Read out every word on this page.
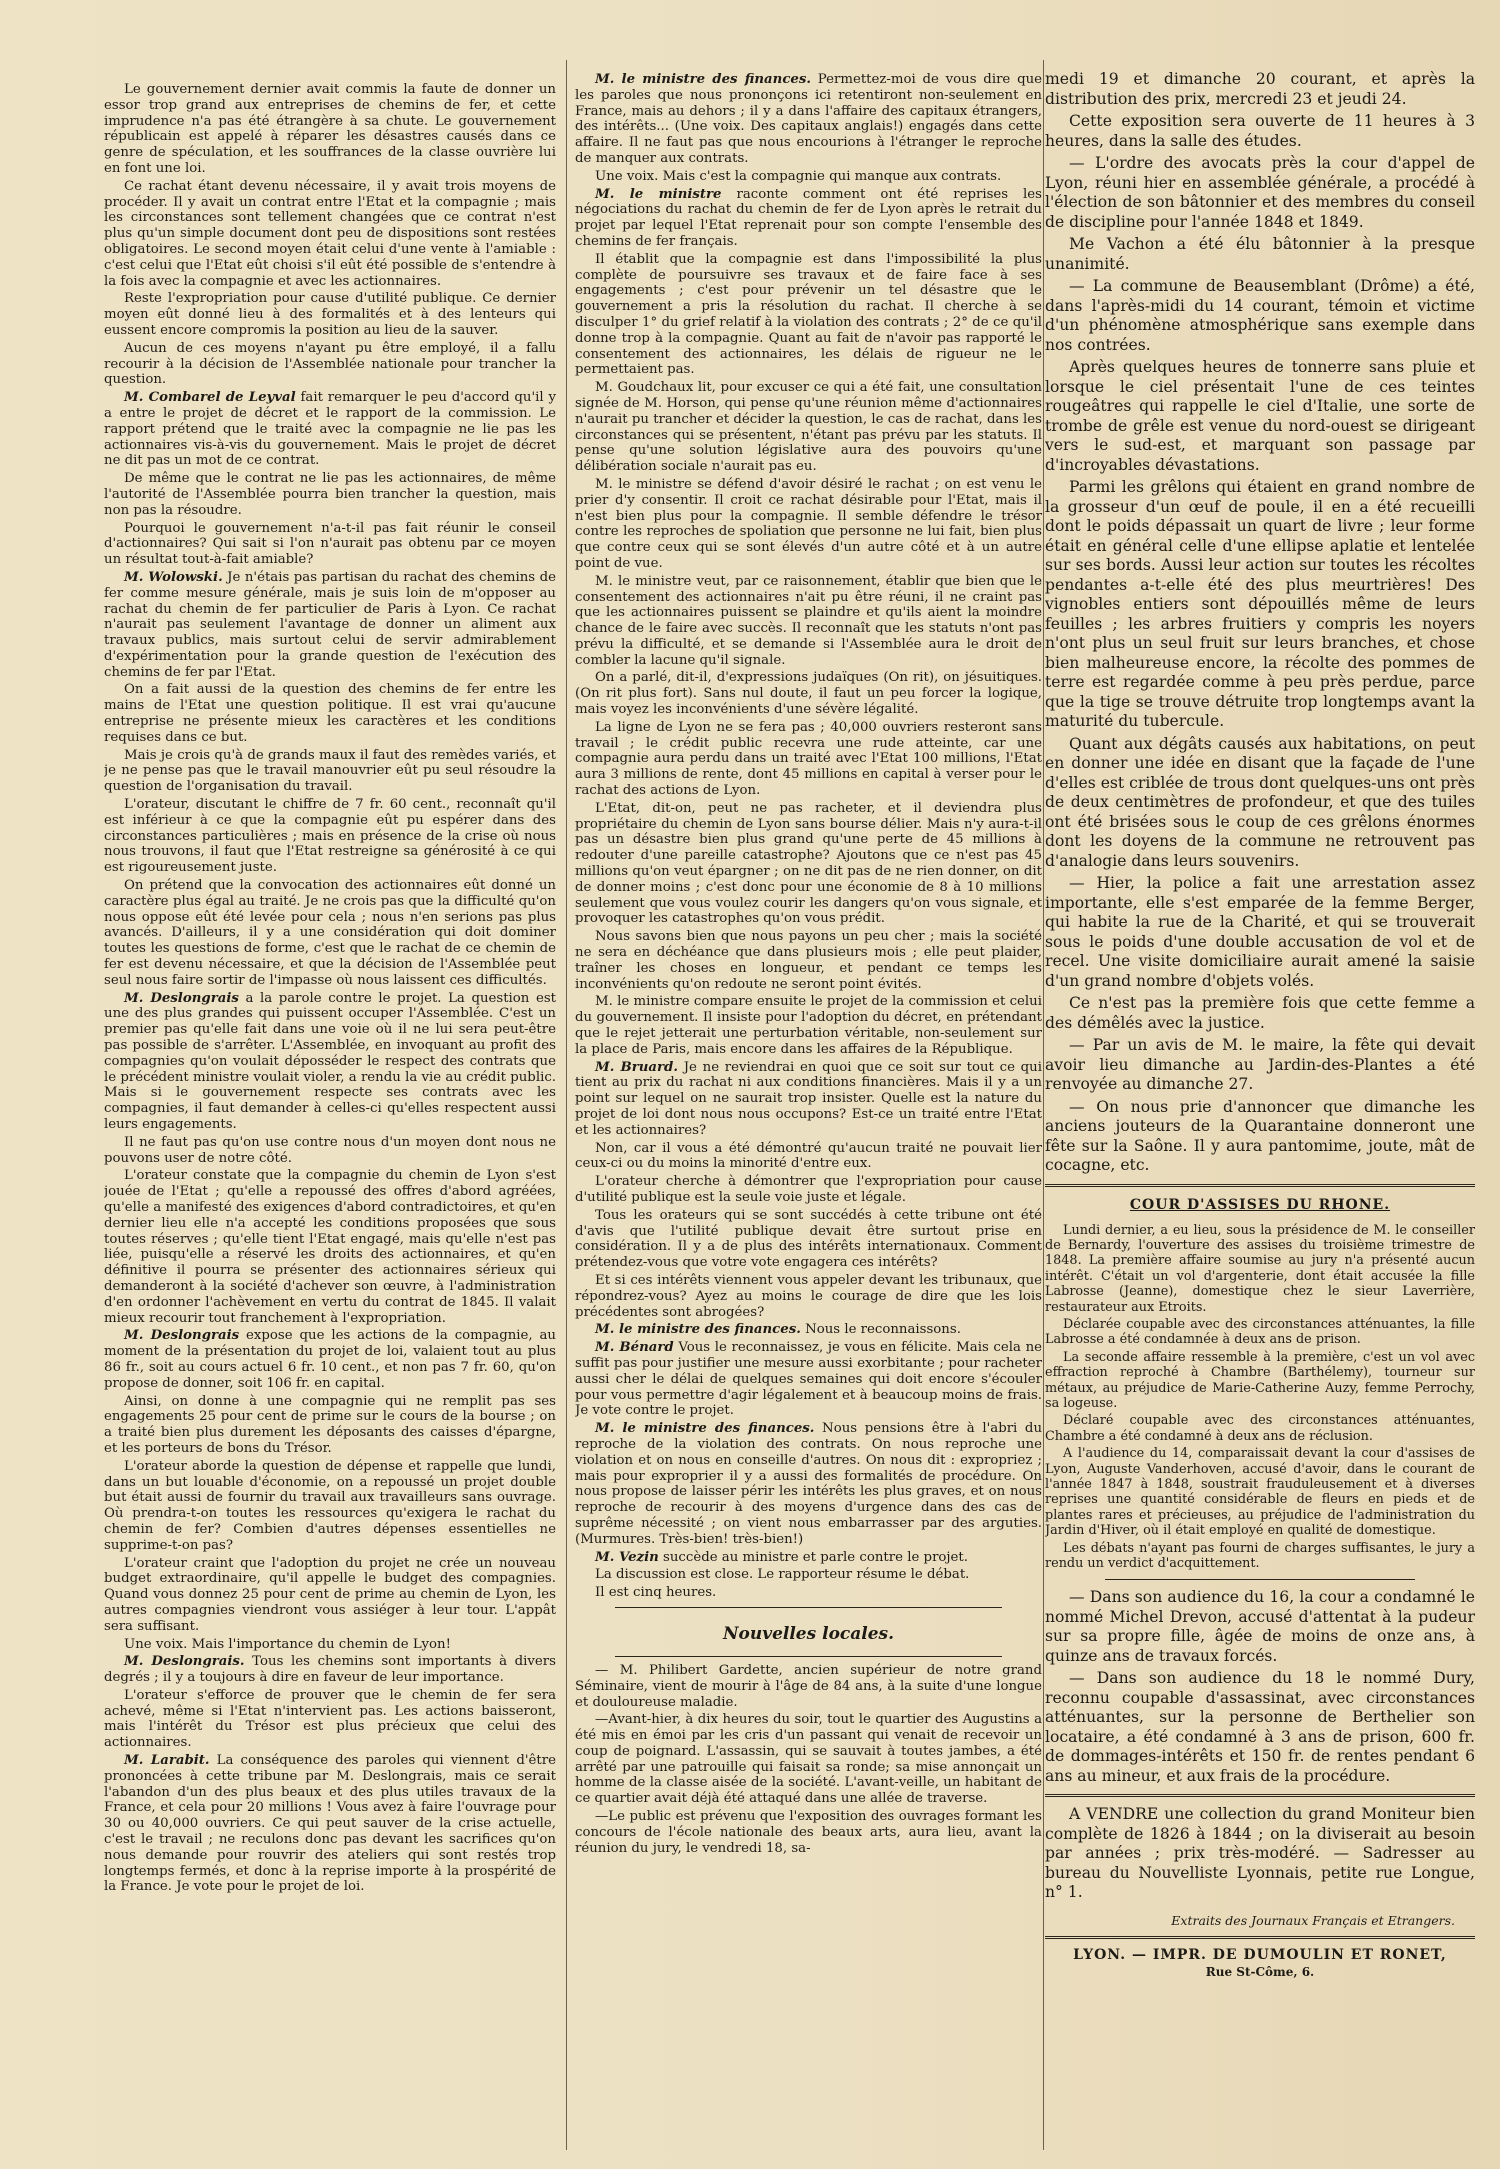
Le gouvernement dernier avait commis la faute de donner un essor trop grand aux entreprises de chemins de fer, et cette imprudence n'a pas été étrangère à sa chute. Le gouvernement républicain est appelé à réparer les désastres causés dans ce genre de spéculation, et les souffrances de la classe ouvrière lui en font une loi.

Ce rachat étant devenu nécessaire, il y avait trois moyens de procéder. Il y avait un contrat entre l'Etat et la compagnie ; mais les circonstances sont tellement changées que ce contrat n'est plus qu'un simple document dont peu de dispositions sont restées obligatoires. Le second moyen était celui d'une vente à l'amiable : c'est celui que l'Etat eût choisi s'il eût été possible de s'entendre à la fois avec la compagnie et avec les actionnaires.

Reste l'expropriation pour cause d'utilité publique. Ce dernier moyen eût donné lieu à des formalités et à des lenteurs qui eussent encore compromis la position au lieu de la sauver.

Aucun de ces moyens n'ayant pu être employé, il a fallu recourir à la décision de l'Assemblée nationale pour trancher la question.

M. Combarel de Leyval fait remarquer le peu d'accord qu'il y a entre le projet de décret et le rapport de la commission. Le rapport prétend que le traité avec la compagnie ne lie pas les actionnaires vis-à-vis du gouvernement. Mais le projet de décret ne dit pas un mot de ce contrat.

De même que le contrat ne lie pas les actionnaires, de même l'autorité de l'Assemblée pourra bien trancher la question, mais non pas la résoudre.

Pourquoi le gouvernement n'a-t-il pas fait réunir le conseil d'actionnaires? Qui sait si l'on n'aurait pas obtenu par ce moyen un résultat tout-à-fait amiable?

M. Wolowski. Je n'étais pas partisan du rachat des chemins de fer comme mesure générale, mais je suis loin de m'opposer au rachat du chemin de fer particulier de Paris à Lyon. Ce rachat n'aurait pas seulement l'avantage de donner un aliment aux travaux publics, mais surtout celui de servir admirablement d'expérimentation pour la grande question de l'exécution des chemins de fer par l'Etat.

On a fait aussi de la question des chemins de fer entre les mains de l'Etat une question politique. Il est vrai qu'aucune entreprise ne présente mieux les caractères et les conditions requises dans ce but.

Mais je crois qu'à de grands maux il faut des remèdes variés, et je ne pense pas que le travail manouvrier eût pu seul résoudre la question de l'organisation du travail.

L'orateur, discutant le chiffre de 7 fr. 60 cent., reconnaît qu'il est inférieur à ce que la compagnie eût pu espérer dans des circonstances particulières ; mais en présence de la crise où nous nous trouvons, il faut que l'Etat restreigne sa générosité à ce qui est rigoureusement juste.

On prétend que la convocation des actionnaires eût donné un caractère plus égal au traité. Je ne crois pas que la difficulté qu'on nous oppose eût été levée pour cela ; nous n'en serions pas plus avancés. D'ailleurs, il y a une considération qui doit dominer toutes les questions de forme, c'est que le rachat de ce chemin de fer est devenu nécessaire, et que la décision de l'Assemblée peut seul nous faire sortir de l'impasse où nous laissent ces difficultés.

M. Deslongrais a la parole contre le projet. La question est une des plus grandes qui puissent occuper l'Assemblée. C'est un premier pas qu'elle fait dans une voie où il ne lui sera peut-être pas possible de s'arrêter. L'Assemblée, en invoquant au profit des compagnies qu'on voulait déposséder le respect des contrats que le précédent ministre voulait violer, a rendu la vie au crédit public. Mais si le gouvernement respecte ses contrats avec les compagnies, il faut demander à celles-ci qu'elles respectent aussi leurs engagements.

Il ne faut pas qu'on use contre nous d'un moyen dont nous ne pouvons user de notre côté.

L'orateur constate que la compagnie du chemin de Lyon s'est jouée de l'Etat ; qu'elle a repoussé des offres d'abord agréées, qu'elle a manifesté des exigences d'abord contradictoires, et qu'en dernier lieu elle n'a accepté les conditions proposées que sous toutes réserves ; qu'elle tient l'Etat engagé, mais qu'elle n'est pas liée, puisqu'elle a réservé les droits des actionnaires, et qu'en définitive il pourra se présenter des actionnaires sérieux qui demanderont à la société d'achever son œuvre, à l'administration d'en ordonner l'achèvement en vertu du contrat de 1845. Il valait mieux recourir tout franchement à l'expropriation.

M. Deslongrais expose que les actions de la compagnie, au moment de la présentation du projet de loi, valaient tout au plus 86 fr., soit au cours actuel 6 fr. 10 cent., et non pas 7 fr. 60, qu'on propose de donner, soit 106 fr. en capital.

Ainsi, on donne à une compagnie qui ne remplit pas ses engagements 25 pour cent de prime sur le cours de la bourse ; on a traité bien plus durement les déposants des caisses d'épargne, et les porteurs de bons du Trésor.

L'orateur aborde la question de dépense et rappelle que lundi, dans un but louable d'économie, on a repoussé un projet double but était aussi de fournir du travail aux travailleurs sans ouvrage. Où prendra-t-on toutes les ressources qu'exigera le rachat du chemin de fer? Combien d'autres dépenses essentielles ne supprime-t-on pas?

L'orateur craint que l'adoption du projet ne crée un nouveau budget extraordinaire, qu'il appelle le budget des compagnies. Quand vous donnez 25 pour cent de prime au chemin de Lyon, les autres compagnies viendront vous assiéger à leur tour. L'appât sera suffisant.

Une voix. Mais l'importance du chemin de Lyon!

M. Deslongrais. Tous les chemins sont importants à divers degrés ; il y a toujours à dire en faveur de leur importance.

L'orateur s'efforce de prouver que le chemin de fer sera achevé, même si l'Etat n'intervient pas. Les actions baisseront, mais l'intérêt du Trésor est plus précieux que celui des actionnaires.

M. Larabit. La conséquence des paroles qui viennent d'être prononcées à cette tribune par M. Deslongrais, mais ce serait l'abandon d'un des plus beaux et des plus utiles travaux de la France, et cela pour 20 millions ! Vous avez à faire l'ouvrage pour 30 ou 40,000 ouvriers. Ce qui peut sauver de la crise actuelle, c'est le travail ; ne reculons donc pas devant les sacrifices qu'on nous demande pour rouvrir des ateliers qui sont restés trop longtemps fermés, et donc à la reprise importe à la prospérité de la France. Je vote pour le projet de loi.

M. le ministre des finances. Permettez-moi de vous dire que les paroles que nous prononçons ici retentiront non-seulement en France, mais au dehors ; il y a dans l'affaire des capitaux étrangers, des intérêts... (Une voix. Des capitaux anglais!) engagés dans cette affaire. Il ne faut pas que nous encourions à l'étranger le reproche de manquer aux contrats.

Une voix. Mais c'est la compagnie qui manque aux contrats.

M. le ministre raconte comment ont été reprises les négociations du rachat du chemin de fer de Lyon après le retrait du projet par lequel l'Etat reprenait pour son compte l'ensemble des chemins de fer français.

Il établit que la compagnie est dans l'impossibilité la plus complète de poursuivre ses travaux et de faire face à ses engagements ; c'est pour prévenir un tel désastre que le gouvernement a pris la résolution du rachat. Il cherche à se disculper 1° du grief relatif à la violation des contrats ; 2° de ce qu'il donne trop à la compagnie. Quant au fait de n'avoir pas rapporté le consentement des actionnaires, les délais de rigueur ne le permettaient pas.

M. Goudchaux lit, pour excuser ce qui a été fait, une consultation signée de M. Horson, qui pense qu'une réunion même d'actionnaires n'aurait pu trancher et décider la question, le cas de rachat, dans les circonstances qui se présentent, n'étant pas prévu par les statuts. Il pense qu'une solution législative aura des pouvoirs qu'une délibération sociale n'aurait pas eu.

M. le ministre se défend d'avoir désiré le rachat ; on est venu le prier d'y consentir. Il croit ce rachat désirable pour l'Etat, mais il n'est bien plus pour la compagnie. Il semble défendre le trésor contre les reproches de spoliation que personne ne lui fait, bien plus que contre ceux qui se sont élevés d'un autre côté et à un autre point de vue.

M. le ministre veut, par ce raisonnement, établir que bien que le consentement des actionnaires n'ait pu être réuni, il ne craint pas que les actionnaires puissent se plaindre et qu'ils aient la moindre chance de le faire avec succès. Il reconnaît que les statuts n'ont pas prévu la difficulté, et se demande si l'Assemblée aura le droit de combler la lacune qu'il signale.

On a parlé, dit-il, d'expressions judaïques (On rit), on jésuitiques. (On rit plus fort). Sans nul doute, il faut un peu forcer la logique, mais voyez les inconvénients d'une sévère légalité.

La ligne de Lyon ne se fera pas ; 40,000 ouvriers resteront sans travail ; le crédit public recevra une rude atteinte, car une compagnie aura perdu dans un traité avec l'Etat 100 millions, l'Etat aura 3 millions de rente, dont 45 millions en capital à verser pour le rachat des actions de Lyon.

L'Etat, dit-on, peut ne pas racheter, et il deviendra plus propriétaire du chemin de Lyon sans bourse délier. Mais n'y aura-t-il pas un désastre bien plus grand qu'une perte de 45 millions à redouter d'une pareille catastrophe? Ajoutons que ce n'est pas 45 millions qu'on veut épargner ; on ne dit pas de ne rien donner, on dit de donner moins ; c'est donc pour une économie de 8 à 10 millions seulement que vous voulez courir les dangers qu'on vous signale, et provoquer les catastrophes qu'on vous prédit.

Nous savons bien que nous payons un peu cher ; mais la société ne sera en déchéance que dans plusieurs mois ; elle peut plaider, traîner les choses en longueur, et pendant ce temps les inconvénients qu'on redoute ne seront point évités.

M. le ministre compare ensuite le projet de la commission et celui du gouvernement. Il insiste pour l'adoption du décret, en prétendant que le rejet jetterait une perturbation véritable, non-seulement sur la place de Paris, mais encore dans les affaires de la République.

M. Bruard. Je ne reviendrai en quoi que ce soit sur tout ce qui tient au prix du rachat ni aux conditions financières. Mais il y a un point sur lequel on ne saurait trop insister. Quelle est la nature du projet de loi dont nous nous occupons? Est-ce un traité entre l'Etat et les actionnaires?

Non, car il vous a été démontré qu'aucun traité ne pouvait lier ceux-ci ou du moins la minorité d'entre eux.

L'orateur cherche à démontrer que l'expropriation pour cause d'utilité publique est la seule voie juste et légale.

Tous les orateurs qui se sont succédés à cette tribune ont été d'avis que l'utilité publique devait être surtout prise en considération. Il y a de plus des intérêts internationaux. Comment prétendez-vous que votre vote engagera ces intérêts?

Et si ces intérêts viennent vous appeler devant les tribunaux, que répondrez-vous? Ayez au moins le courage de dire que les lois précédentes sont abrogées?

M. le ministre des finances. Nous le reconnaissons.

M. Bénard Vous le reconnaissez, je vous en félicite. Mais cela ne suffit pas pour justifier une mesure aussi exorbitante ; pour racheter aussi cher le délai de quelques semaines qui doit encore s'écouler pour vous permettre d'agir légalement et à beaucoup moins de frais. Je vote contre le projet.

M. le ministre des finances. Nous pensions être à l'abri du reproche de la violation des contrats. On nous reproche une violation et on nous en conseille d'autres. On nous dit : expropriez ; mais pour exproprier il y a aussi des formalités de procédure. On nous propose de laisser périr les intérêts les plus graves, et on nous reproche de recourir à des moyens d'urgence dans des cas de suprême nécessité ; on vient nous embarrasser par des arguties. (Murmures. Très-bien! très-bien!)

M. Vezin succède au ministre et parle contre le projet.

La discussion est close. Le rapporteur résume le débat.

Il est cinq heures.

Nouvelles locales.

— M. Philibert Gardette, ancien supérieur de notre grand Séminaire, vient de mourir à l'âge de 84 ans, à la suite d'une longue et douloureuse maladie.

—Avant-hier, à dix heures du soir, tout le quartier des Augustins a été mis en émoi par les cris d'un passant qui venait de recevoir un coup de poignard. L'assassin, qui se sauvait à toutes jambes, a été arrêté par une patrouille qui faisait sa ronde; sa mise annonçait un homme de la classe aisée de la société. L'avant-veille, un habitant de ce quartier avait déjà été attaqué dans une allée de traverse.

—Le public est prévenu que l'exposition des ouvrages formant les concours de l'école nationale des beaux arts, aura lieu, avant la réunion du jury, le vendredi 18, sa-

medi 19 et dimanche 20 courant, et après la distribution des prix, mercredi 23 et jeudi 24.

Cette exposition sera ouverte de 11 heures à 3 heures, dans la salle des études.

— L'ordre des avocats près la cour d'appel de Lyon, réuni hier en assemblée générale, a procédé à l'élection de son bâtonnier et des membres du conseil de discipline pour l'année 1848 et 1849.

Me Vachon a été élu bâtonnier à la presque unanimité.

— La commune de Beausemblant (Drôme) a été, dans l'après-midi du 14 courant, témoin et victime d'un phénomène atmosphérique sans exemple dans nos contrées.

Après quelques heures de tonnerre sans pluie et lorsque le ciel présentait l'une de ces teintes rougeâtres qui rappelle le ciel d'Italie, une sorte de trombe de grêle est venue du nord-ouest se dirigeant vers le sud-est, et marquant son passage par d'incroyables dévastations.

Parmi les grêlons qui étaient en grand nombre de la grosseur d'un œuf de poule, il en a été recueilli dont le poids dépassait un quart de livre ; leur forme était en général celle d'une ellipse aplatie et lentelée sur ses bords. Aussi leur action sur toutes les récoltes pendantes a-t-elle été des plus meurtrières! Des vignobles entiers sont dépouillés même de leurs feuilles ; les arbres fruitiers y compris les noyers n'ont plus un seul fruit sur leurs branches, et chose bien malheureuse encore, la récolte des pommes de terre est regardée comme à peu près perdue, parce que la tige se trouve détruite trop longtemps avant la maturité du tubercule.

Quant aux dégâts causés aux habitations, on peut en donner une idée en disant que la façade de l'une d'elles est criblée de trous dont quelques-uns ont près de deux centimètres de profondeur, et que des tuiles ont été brisées sous le coup de ces grêlons énormes dont les doyens de la commune ne retrouvent pas d'analogie dans leurs souvenirs.

— Hier, la police a fait une arrestation assez importante, elle s'est emparée de la femme Berger, qui habite la rue de la Charité, et qui se trouverait sous le poids d'une double accusation de vol et de recel. Une visite domiciliaire aurait amené la saisie d'un grand nombre d'objets volés.

Ce n'est pas la première fois que cette femme a des démêlés avec la justice.

— Par un avis de M. le maire, la fête qui devait avoir lieu dimanche au Jardin-des-Plantes a été renvoyée au dimanche 27.

— On nous prie d'annoncer que dimanche les anciens jouteurs de la Quarantaine donneront une fête sur la Saône. Il y aura pantomime, joute, mât de cocagne, etc.

COUR D'ASSISES DU RHONE.

Lundi dernier, a eu lieu, sous la présidence de M. le conseiller de Bernardy, l'ouverture des assises du troisième trimestre de 1848. La première affaire soumise au jury n'a présenté aucun intérêt. C'était un vol d'argenterie, dont était accusée la fille Labrosse (Jeanne), domestique chez le sieur Laverrière, restaurateur aux Etroits.

Déclarée coupable avec des circonstances atténuantes, la fille Labrosse a été condamnée à deux ans de prison.

La seconde affaire ressemble à la première, c'est un vol avec effraction reproché à Chambre (Barthélemy), tourneur sur métaux, au préjudice de Marie-Catherine Auzy, femme Perrochy, sa logeuse.

Déclaré coupable avec des circonstances atténuantes, Chambre a été condamné à deux ans de réclusion.

A l'audience du 14, comparaissait devant la cour d'assises de Lyon, Auguste Vanderhoven, accusé d'avoir, dans le courant de l'année 1847 à 1848, soustrait frauduleusement et à diverses reprises une quantité considérable de fleurs en pieds et de plantes rares et précieuses, au préjudice de l'administration du Jardin d'Hiver, où il était employé en qualité de domestique.

Les débats n'ayant pas fourni de charges suffisantes, le jury a rendu un verdict d'acquittement.

— Dans son audience du 16, la cour a condamné le nommé Michel Drevon, accusé d'attentat à la pudeur sur sa propre fille, âgée de moins de onze ans, à quinze ans de travaux forcés.

— Dans son audience du 18 le nommé Dury, reconnu coupable d'assassinat, avec circonstances atténuantes, sur la personne de Berthelier son locataire, a été condamné à 3 ans de prison, 600 fr. de dommages-intérêts et 150 fr. de rentes pendant 6 ans au mineur, et aux frais de la procédure.

A VENDRE une collection du grand Moniteur bien complète de 1826 à 1844 ; on la diviserait au besoin par années ; prix très-modéré. — Sadresser au bureau du Nouvelliste Lyonnais, petite rue Longue, n° 1.

Extraits des Journaux Français et Etrangers.
LYON. — IMPR. DE DUMOULIN ET RONET,
Rue St-Côme, 6.
